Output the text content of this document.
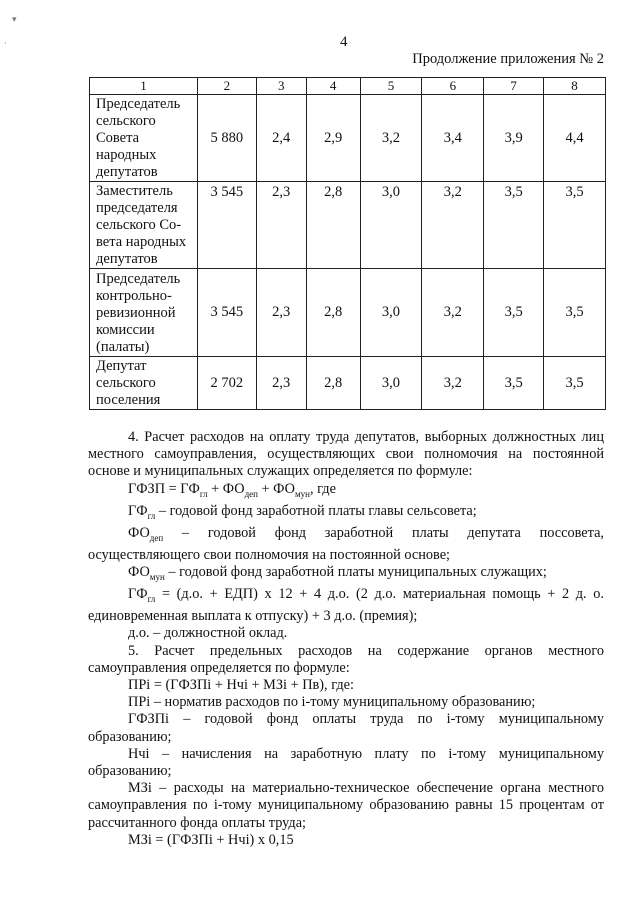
▾
·	4
Продолжение приложения № 2
1	2	3	4	5	6	7	8
Председатель сельского Совета народных депутатов	5 880	2,4	2,9	3,2	3,4	3,9	4,4
Заместитель председателя сельского Со-вета народных депутатов	3 545	2,3	2,8	3,0	3,2	3,5	3,5
Председатель контрольно-ревизионной комиссии (палаты)	3 545	2,3	2,8	3,0	3,2	3,5	3,5
Депутат сельского поселения	2 702	2,3	2,8	3,0	3,2	3,5	3,5

4. Расчет расходов на оплату труда депутатов, выборных должностных лиц местного самоуправления, осуществляющих свои полномочия на постоянной основе и муниципальных служащих определяется по формуле:

ГФЗП = $ГФ_{гл} + ФО_{деп} + ФО_{мун}$, где

$ГФ_{гл}$ – годовой фонд заработной платы главы сельсовета;

$ФО_{деп}$ – годовой фонд заработной платы депутата поссовета, осуществляющего свои полномочия на постоянной основе;

$ФО_{мун}$ – годовой фонд заработной платы муниципальных служащих;

$ГФ_{гл} = (д.о$. + ЕДП) х 12 + 4 д.о. (2 д.о. материальная помощь + 2 д. о. единовременная выплата к отпуску) + 3 д.о. (премия);

д.о. – должностной оклад.

5. Расчет предельных расходов на содержание органов местного самоуправления определяется по формуле:

ПРі = (ГФЗПі + Нчі + МЗі + Пв), где:

ПРі – норматив расходов по і-тому муниципальному образованию;

ГФЗПі – годовой фонд оплаты труда по і-тому муниципальному образованию;

Нчі – начисления на заработную плату по і-тому муниципальному образованию;

МЗі – расходы на материально-техническое обеспечение органа местного самоуправления по і-тому муниципальному образованию равны 15 процентам от рассчитанного фонда оплаты труда;

МЗі = (ГФЗПі + Нчі) х 0,15
